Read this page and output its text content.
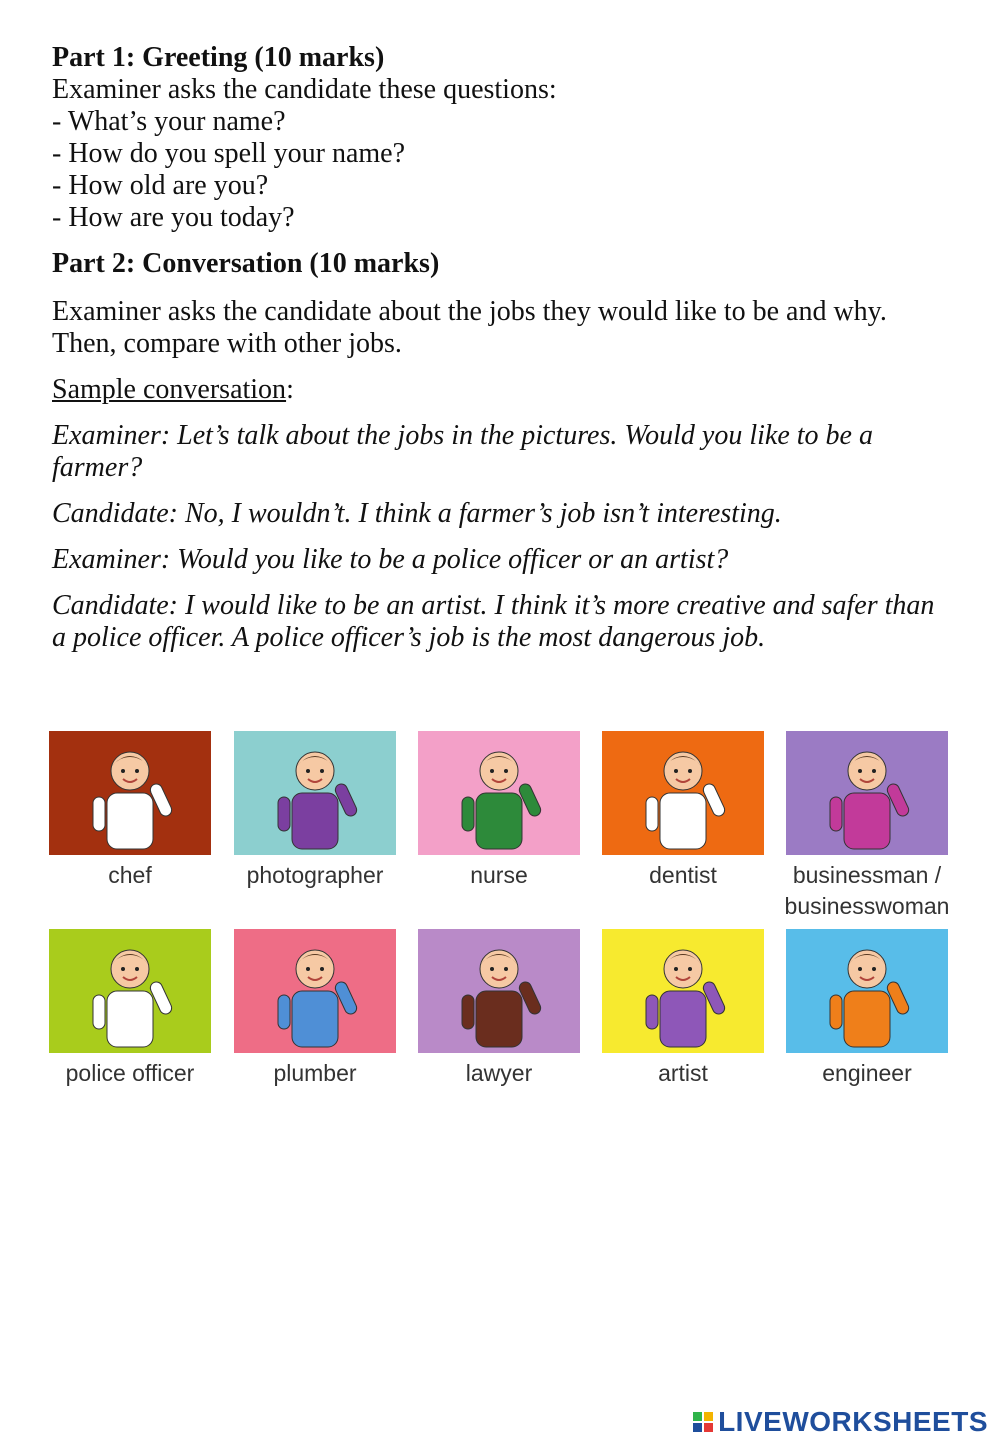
Part 1: Greeting (10 marks)

Examiner asks the candidate these questions:

- What’s your name?

- How do you spell your name?

- How old are you?

- How are you today?

Part 2: Conversation (10 marks)

Examiner asks the candidate about the jobs they would like to be and why.
Then, compare with other jobs.

Sample conversation:

Examiner: Let’s talk about the jobs in the pictures. Would you like to be a farmer?

Candidate: No, I wouldn’t. I think a farmer’s job isn’t interesting.

Examiner: Would you like to be a police officer or an artist?

Candidate: I would like to be an artist. I think it’s more creative and safer than a police officer. A police officer’s job is the most dangerous job.

chef	photographer	nurse	dentist	businessman /
businesswoman
police officer	plumber	lawyer	artist	engineer
LIVEWORKSHEETS
